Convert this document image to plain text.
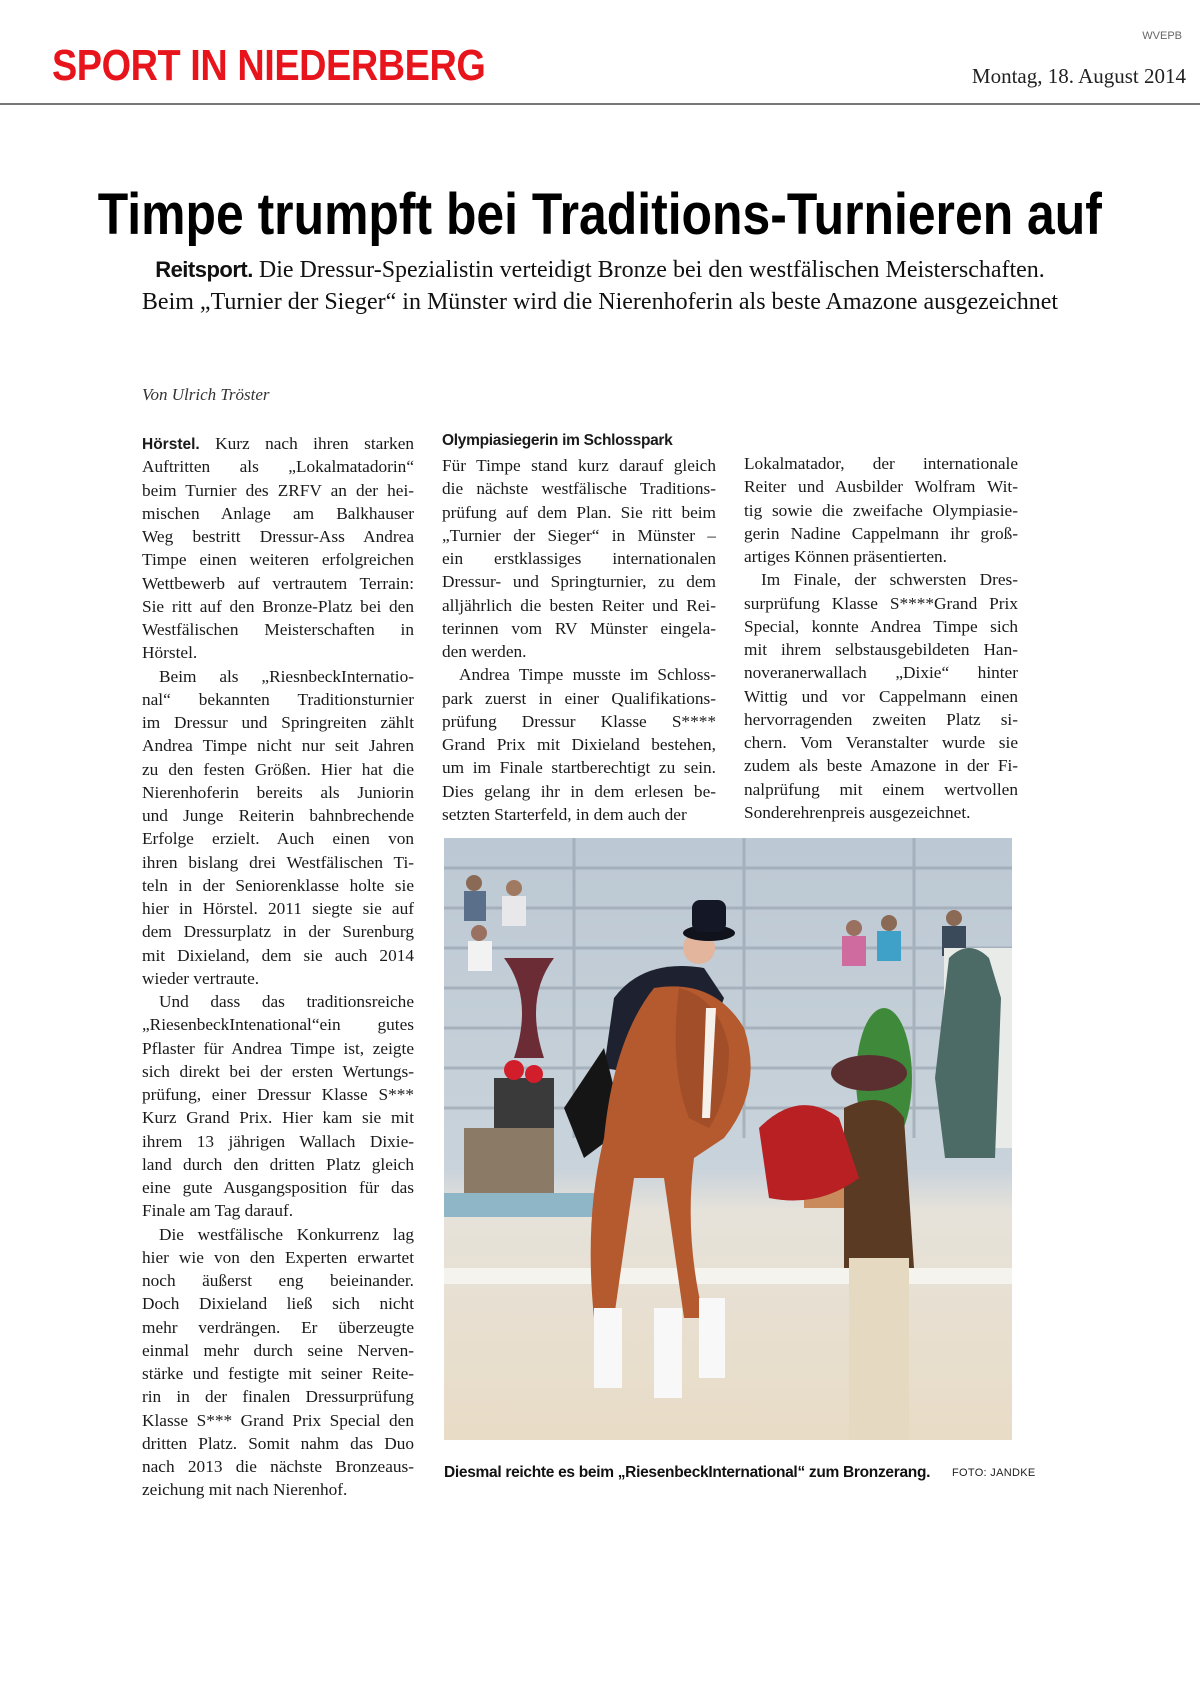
SPORT IN NIEDERBERG
WVEPB
Montag, 18. August 2014
Timpe trumpft bei Traditions-Turnieren auf
Reitsport. Die Dressur-Spezialistin verteidigt Bronze bei den westfälischen Meisterschaften.
Beim „Turnier der Sieger“ in Münster wird die Nierenhoferin als beste Amazone ausgezeichnet
Von Ulrich Tröster
Hörstel. Kurz nach ihren starken
Auftritten als „Lokalmatadorin“
beim Turnier des ZRFV an der hei-
mischen Anlage am Balkhauser
Weg bestritt Dressur-Ass Andrea
Timpe einen weiteren erfolgreichen
Wettbewerb auf vertrautem Terrain:
Sie ritt auf den Bronze-Platz bei den
Westfälischen Meisterschaften in
Hörstel.
Beim als „RiesnbeckInternatio-
nal“ bekannten Traditionsturnier
im Dressur und Springreiten zählt
Andrea Timpe nicht nur seit Jahren
zu den festen Größen. Hier hat die
Nierenhoferin bereits als Juniorin
und Junge Reiterin bahnbrechende
Erfolge erzielt. Auch einen von
ihren bislang drei Westfälischen Ti-
teln in der Seniorenklasse holte sie
hier in Hörstel. 2011 siegte sie auf
dem Dressurplatz in der Surenburg
mit Dixieland, dem sie auch 2014
wieder vertraute.
Und dass das traditionsreiche
„RiesenbeckIntenational“ein gutes
Pflaster für Andrea Timpe ist, zeigte
sich direkt bei der ersten Wertungs-
prüfung, einer Dressur Klasse S***
Kurz Grand Prix. Hier kam sie mit
ihrem 13 jährigen Wallach Dixie-
land durch den dritten Platz gleich
eine gute Ausgangsposition für das
Finale am Tag darauf.
Die westfälische Konkurrenz lag
hier wie von den Experten erwartet
noch äußerst eng beieinander.
Doch Dixieland ließ sich nicht
mehr verdrängen. Er überzeugte
einmal mehr durch seine Nerven-
stärke und festigte mit seiner Reite-
rin in der finalen Dressurprüfung
Klasse S*** Grand Prix Special den
dritten Platz. Somit nahm das Duo
nach 2013 die nächste Bronzeaus-
zeichung mit nach Nierenhof.
Olympiasiegerin im Schlosspark
Für Timpe stand kurz darauf gleich
die nächste westfälische Traditions-
prüfung auf dem Plan. Sie ritt beim
„Turnier der Sieger“ in Münster –
ein erstklassiges internationalen
Dressur- und Springturnier, zu dem
alljährlich die besten Reiter und Rei-
terinnen vom RV Münster eingela-
den werden.
Andrea Timpe musste im Schloss-
park zuerst in einer Qualifikations-
prüfung Dressur Klasse S****
Grand Prix mit Dixieland bestehen,
um im Finale startberechtigt zu sein.
Dies gelang ihr in dem erlesen be-
setzten Starterfeld, in dem auch der
Lokalmatador, der internationale
Reiter und Ausbilder Wolfram Wit-
tig sowie die zweifache Olympiasie-
gerin Nadine Cappelmann ihr groß-
artiges Können präsentierten.
Im Finale, der schwersten Dres-
surprüfung Klasse S****Grand Prix
Special, konnte Andrea Timpe sich
mit ihrem selbstausgebildeten Han-
noveranerwallach „Dixie“ hinter
Wittig und vor Cappelmann einen
hervorragenden zweiten Platz si-
chern. Vom Veranstalter wurde sie
zudem als beste Amazone in der Fi-
nalprüfung mit einem wertvollen
Sonderehrenpreis ausgezeichnet.
Diesmal reichte es beim „RiesenbeckInternational“ zum Bronzerang. FOTO: JANDKE
